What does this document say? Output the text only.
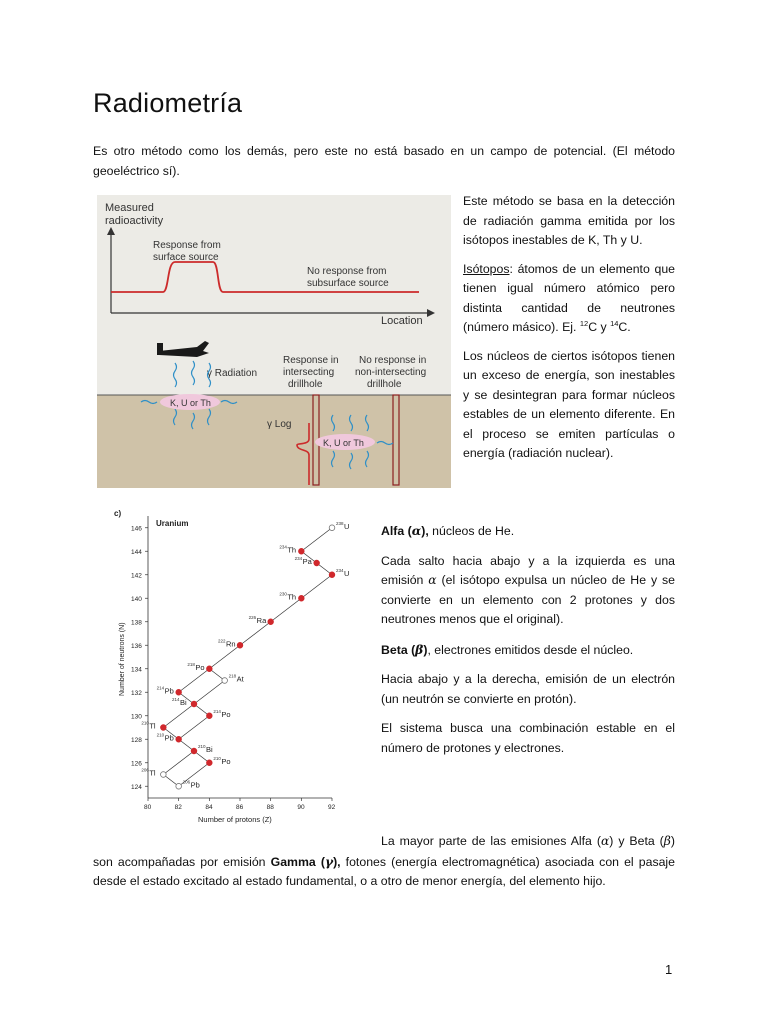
Radiometría
Es otro método como los demás, pero este no está basado en un campo de potencial. (El método geoeléctrico sí).
Measured
radioactivity
Response from
surface source
No response from
subsurface source
Location
γ Radiation
K, U or Th
Response in
intersecting
drillhole
No response in
non-intersecting
drillhole
γ Log
K, U or Th
Este método se basa en la detección de radiación gamma emitida por los isótopos inestables de K, Th y U.
Isótopos: átomos de un elemento que tienen igual número atómico pero distinta cantidad de neutrones (número másico). Ej. $^{12}$C y $^{14}$C.
Los núcleos de ciertos isótopos tienen un exceso de energía, son inestables y se desintegran para formar núcleos estables de un elemento diferente. En el proceso se emiten partículas o energía (radiación nuclear).
c)
Uranium
Number of protons (Z)
Number of neutrons (N)
80	82	84	86	88	90	92
146
144
142
140
138
136
134
132
130
128
126
124
238 U
234 Th
234 Pa
234 U
230 Th
226 Ra
222 Rn
218 Po
214 Pb
218 At
214 Bi
214 Po
210 Tl
210 Pb
210 Bi
210 Po
206 Tl
206 Pb
Alfa (α), núcleos de He.
Cada salto hacia abajo y a la izquierda es una emisión α (el isótopo expulsa un núcleo de He y se convierte en un elemento con 2 protones y dos neutrones menos que el original).
Beta (β), electrones emitidos desde el núcleo.
Hacia abajo y a la derecha, emisión de un electrón (un neutrón se convierte en protón).
El sistema busca una combinación estable en el número de protones y electrones.
La mayor parte de las emisiones Alfa (α) y Beta (β) son acompañadas por emisión Gamma (γ), fotones (energía electromagnética) asociada con el pasaje desde el estado excitado al estado fundamental, o a otro de menor energía, del elemento hijo.
1
